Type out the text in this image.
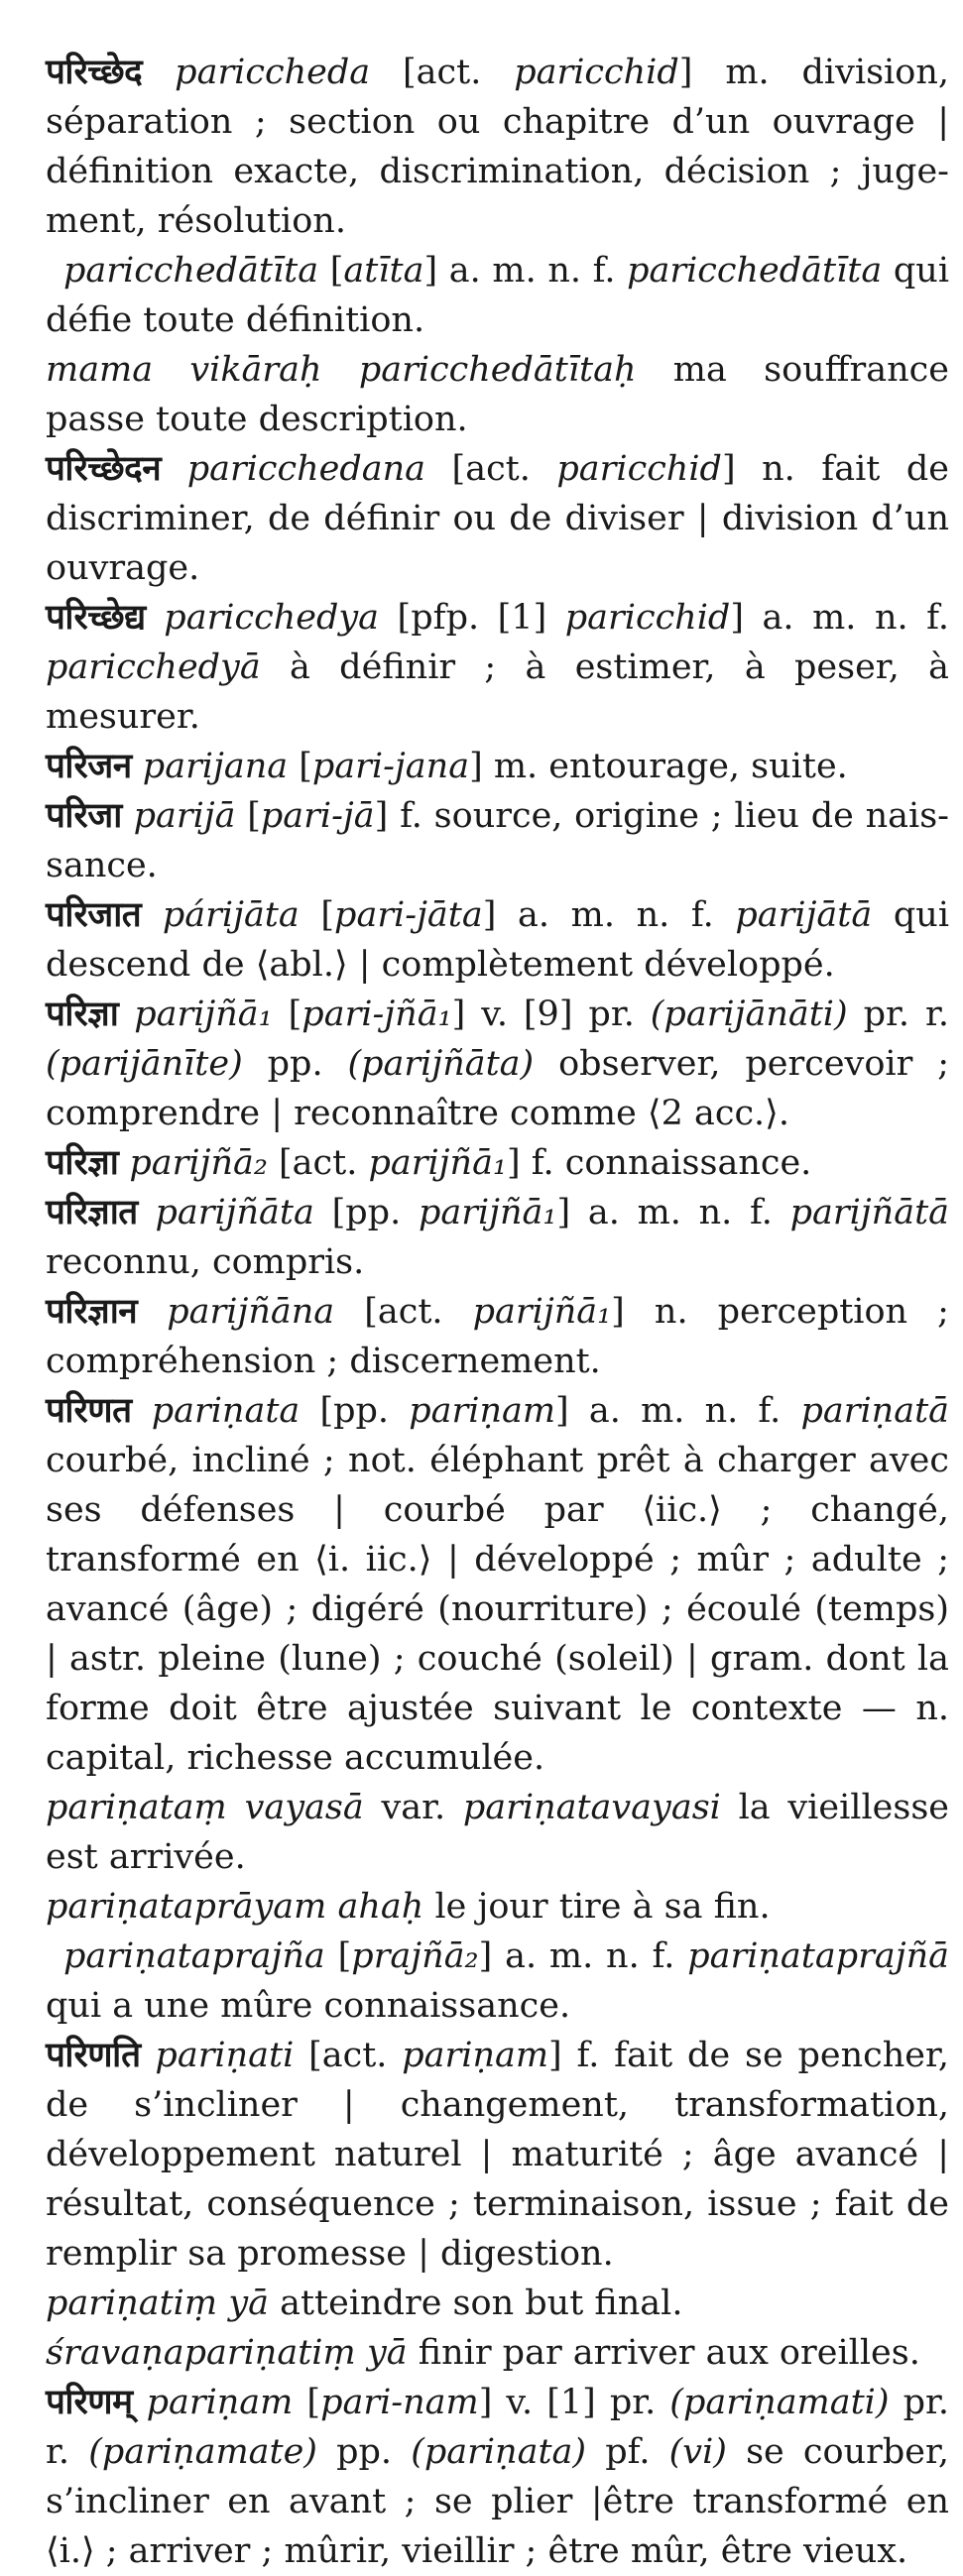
परिच्छेद pariccheda [act. paricchid] m. division, séparation ; section ou chapitre d’un ouvrage | définition exacte, discrimination, décision ; jugement, résolution.

paricchedātīta [atīta] a. m. n. f. paricchedātīta qui défie toute définition.

mama vikāraḥ paricchedātītaḥ ma souffrance passe toute description.

परिच्छेदन paricchedana [act. paricchid] n. fait de discriminer, de définir ou de diviser | division d’un ouvrage.

परिच्छेद्य paricchedya [pfp. [1] paricchid] a. m. n. f. paricchedyā à définir ; à estimer, à peser, à mesurer.

परिजन parijana [pari-jana] m. entourage, suite.

परिजा parijā [pari-jā] f. source, origine ; lieu de naissance.

परिजात párijāta [pari-jāta] a. m. n. f. parijātā qui descend de ⟨abl.⟩ | complètement développé.

परिज्ञा parijñā₁ [pari-jñā₁] v. [9] pr. (parijānāti) pr. r. (parijānīte) pp. (parijñāta) observer, percevoir ; comprendre | reconnaître comme ⟨2 acc.⟩.

परिज्ञा parijñā₂ [act. parijñā₁] f. connaissance.

परिज्ञात parijñāta [pp. parijñā₁] a. m. n. f. parijñātā reconnu, compris.

परिज्ञान parijñāna [act. parijñā₁] n. perception ; compréhension ; discernement.

परिणत pariṇata [pp. pariṇam] a. m. n. f. pariṇatā courbé, incliné ; not. éléphant prêt à charger avec ses défenses | courbé par ⟨iic.⟩ ; changé, transformé en ⟨i. iic.⟩ | développé ; mûr ; adulte ; avancé (âge) ; digéré (nourriture) ; écoulé (temps) | astr. pleine (lune) ; couché (soleil) | gram. dont la forme doit être ajustée suivant le contexte — n. capital, richesse accumulée.

pariṇataṃ vayasā var. pariṇatavayasi la vieillesse est arrivée.

pariṇataprāyam ahaḥ le jour tire à sa fin.

pariṇataprajña [prajñā₂] a. m. n. f. pariṇataprajñā qui a une mûre connaissance.

परिणति pariṇati [act. pariṇam] f. fait de se pencher, de s’incliner | changement, transformation, développement naturel | maturité ; âge avancé | résultat, conséquence ; terminaison, issue ; fait de remplir sa promesse | digestion.

pariṇatiṃ yā atteindre son but final.

śravaṇapariṇatiṃ yā finir par arriver aux oreilles.

परिणम् pariṇam [pari-nam] v. [1] pr. (pariṇamati) pr. r. (pariṇamate) pp. (pariṇata) pf. (vi) se courber, s’incliner en avant ; se plier |être transformé en ⟨i.⟩ ; arriver ; mûrir, vieillir ; être mûr, être vieux.
